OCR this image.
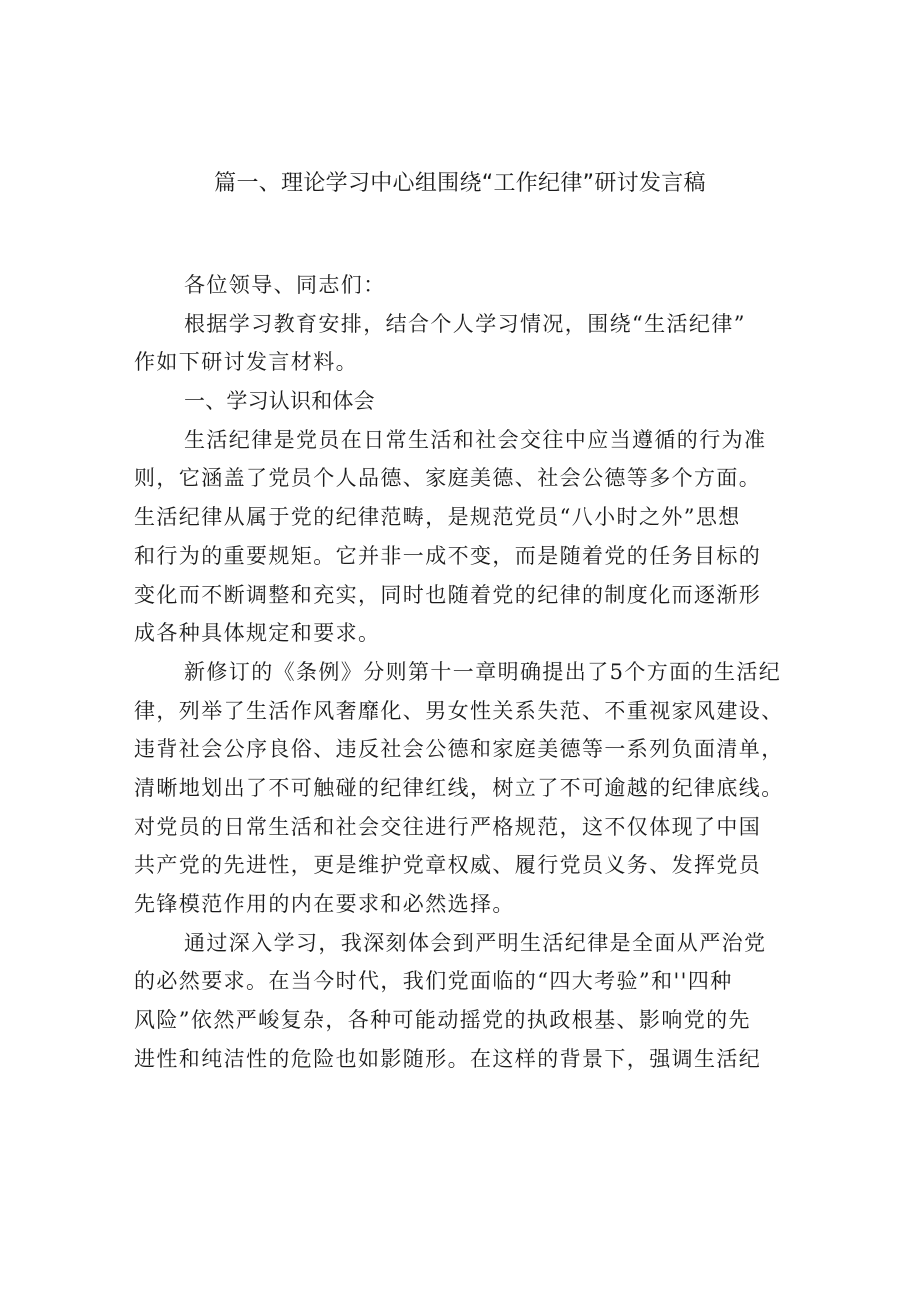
篇一、理论学习中心组围绕“工作纪律”研讨发言稿
各位领导、同志们：
根据学习教育安排，结合个人学习情况，围绕“生活纪律”
作如下研讨发言材料。
一、学习认识和体会
生活纪律是党员在日常生活和社会交往中应当遵循的行为准
则，它涵盖了党员个人品德、家庭美德、社会公德等多个方面。
生活纪律从属于党的纪律范畴，是规范党员“八小时之外”思想
和行为的重要规矩。它并非一成不变，而是随着党的任务目标的
变化而不断调整和充实，同时也随着党的纪律的制度化而逐渐形
成各种具体规定和要求。
新修订的《条例》分则第十一章明确提出了5个方面的生活纪
律，列举了生活作风奢靡化、男女性关系失范、不重视家风建设、
违背社会公序良俗、违反社会公德和家庭美德等一系列负面清单，
清晰地划出了不可触碰的纪律红线，树立了不可逾越的纪律底线。
对党员的日常生活和社会交往进行严格规范，这不仅体现了中国
共产党的先进性，更是维护党章权威、履行党员义务、发挥党员
先锋模范作用的内在要求和必然选择。
通过深入学习，我深刻体会到严明生活纪律是全面从严治党
的必然要求。在当今时代，我们党面临的“四大考验”和''四种
风险”依然严峻复杂，各种可能动摇党的执政根基、影响党的先
进性和纯洁性的危险也如影随形。在这样的背景下，强调生活纪
